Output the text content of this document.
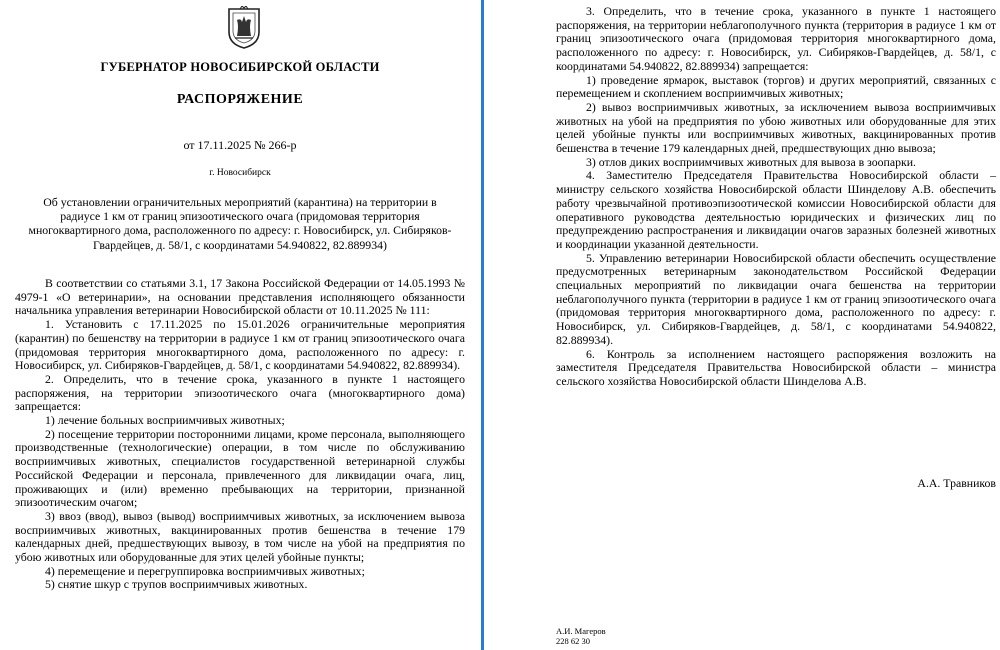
ГУБЕРНАТОР НОВОСИБИРСКОЙ ОБЛАСТИ
РАСПОРЯЖЕНИЕ
от 17.11.2025 № 266-р
г. Новосибирск
Об установлении ограничительных мероприятий (карантина) на территории в радиусе 1 км от границ эпизоотического очага (придомовая территория многоквартирного дома, расположенного по адресу: г. Новосибирск, ул. Сибиряков-Гвардейцев, д. 58/1, с координатами 54.940822, 82.889934)

В соответствии со статьями 3.1, 17 Закона Российской Федерации от 14.05.1993 № 4979-1 «О ветеринарии», на основании представления исполняющего обязанности начальника управления ветеринарии Новосибирской области от 10.11.2025 № 111:

1. Установить с 17.11.2025 по 15.01.2026 ограничительные мероприятия (карантин) по бешенству на территории в радиусе 1 км от границ эпизоотического очага (придомовая территория многоквартирного дома, расположенного по адресу: г. Новосибирск, ул. Сибиряков-Гвардейцев, д. 58/1, с координатами 54.940822, 82.889934).

2. Определить, что в течение срока, указанного в пункте 1 настоящего распоряжения, на территории эпизоотического очага (многоквартирного дома) запрещается:

1) лечение больных восприимчивых животных;

2) посещение территории посторонними лицами, кроме персонала, выполняющего производственные (технологические) операции, в том числе по обслуживанию восприимчивых животных, специалистов государственной ветеринарной службы Российской Федерации и персонала, привлеченного для ликвидации очага, лиц, проживающих и (или) временно пребывающих на территории, признанной эпизоотическим очагом;

3) ввоз (ввод), вывоз (вывод) восприимчивых животных, за исключением вывоза восприимчивых животных, вакцинированных против бешенства в течение 179 календарных дней, предшествующих вывозу, в том числе на убой на предприятия по убою животных или оборудованные для этих целей убойные пункты;

4) перемещение и перегруппировка восприимчивых животных;

5) снятие шкур с трупов восприимчивых животных.

3. Определить, что в течение срока, указанного в пункте 1 настоящего распоряжения, на территории неблагополучного пункта (территория в радиусе 1 км от границ эпизоотического очага (придомовая территория многоквартирного дома, расположенного по адресу: г. Новосибирск, ул. Сибиряков-Гвардейцев, д. 58/1, с координатами 54.940822, 82.889934) запрещается:

1) проведение ярмарок, выставок (торгов) и других мероприятий, связанных с перемещением и скоплением восприимчивых животных;

2) вывоз восприимчивых животных, за исключением вывоза восприимчивых животных на убой на предприятия по убою животных или оборудованные для этих целей убойные пункты или восприимчивых животных, вакцинированных против бешенства в течение 179 календарных дней, предшествующих дню вывоза;

3) отлов диких восприимчивых животных для вывоза в зоопарки.

4. Заместителю Председателя Правительства Новосибирской области – министру сельского хозяйства Новосибирской области Шинделову А.В. обеспечить работу чрезвычайной противоэпизоотической комиссии Новосибирской области для оперативного руководства деятельностью юридических и физических лиц по предупреждению распространения и ликвидации очагов заразных болезней животных и координации указанной деятельности.

5. Управлению ветеринарии Новосибирской области обеспечить осуществление предусмотренных ветеринарным законодательством Российской Федерации специальных мероприятий по ликвидации очага бешенства на территории неблагополучного пункта (территории в радиусе 1 км от границ эпизоотического очага (придомовая территория многоквартирного дома, расположенного по адресу: г. Новосибирск, ул. Сибиряков-Гвардейцев, д. 58/1, с координатами 54.940822, 82.889934).

6. Контроль за исполнением настоящего распоряжения возложить на заместителя Председателя Правительства Новосибирской области – министра сельского хозяйства Новосибирской области Шинделова А.В.

А.А. Травников
А.И. Магеров
228 62 30
